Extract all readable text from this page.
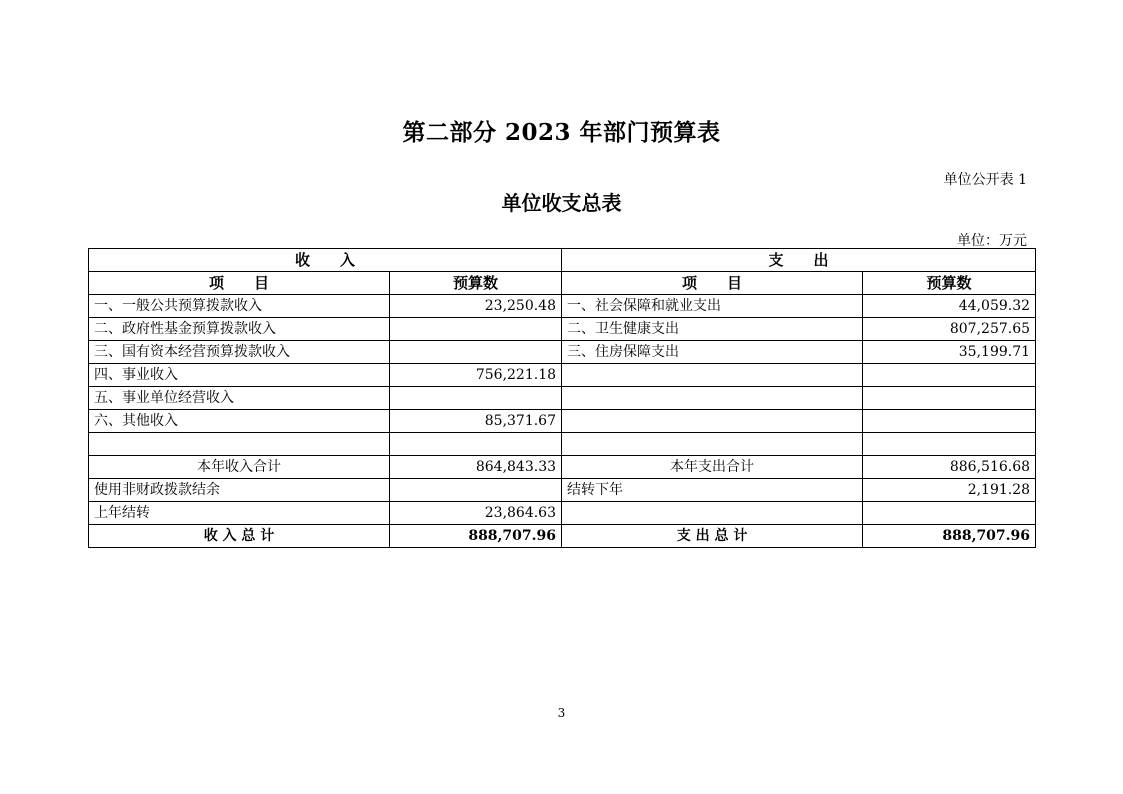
第二部分 2023 年部门预算表
单位公开表 1
单位收支总表
单位：万元
收　　入		支　　出	
项　　目	预算数	项　　目	预算数
一、一般公共预算拨款收入	23,250.48	一、社会保障和就业支出	44,059.32
二、政府性基金预算拨款收入		二、卫生健康支出	807,257.65
三、国有资本经营预算拨款收入		三、住房保障支出	35,199.71
四、事业收入	756,221.18		
五、事业单位经营收入			
六、其他收入	85,371.67		

本年收入合计	864,843.33	本年支出合计	886,516.68
使用非财政拨款结余		结转下年	2,191.28
上年结转	23,864.63		
收 入 总 计	888,707.96	支 出 总 计	888,707.96
3
